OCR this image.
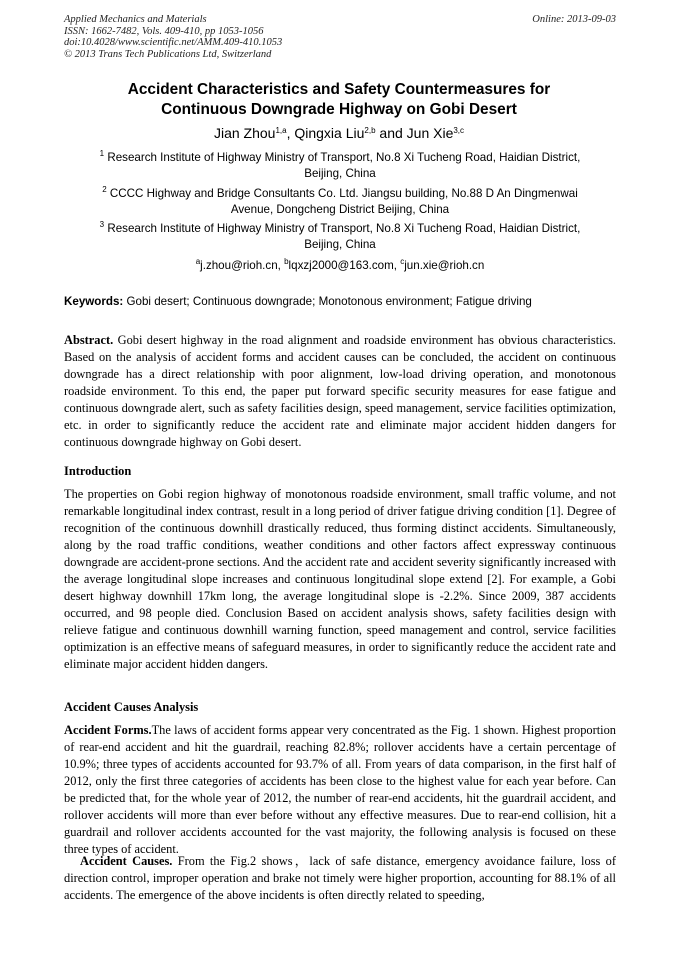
Applied Mechanics and Materials
ISSN: 1662-7482, Vols. 409-410, pp 1053-1056
doi:10.4028/www.scientific.net/AMM.409-410.1053
© 2013 Trans Tech Publications Ltd, Switzerland
Online: 2013-09-03
Accident Characteristics and Safety Countermeasures for
Continuous Downgrade Highway on Gobi Desert
Jian Zhou$^{1,a}$, Qingxia Liu$^{2,b}$ and Jun Xie$^{3,c}$
$^1$ Research Institute of Highway Ministry of Transport, No.8 Xi Tucheng Road, Haidian District,
Beijing, China
$^2$ CCCC Highway and Bridge Consultants Co. Ltd. Jiangsu building, No.88 D An Dingmenwai
Avenue, Dongcheng District Beijing, China
$^3$ Research Institute of Highway Ministry of Transport, No.8 Xi Tucheng Road, Haidian District,
Beijing, China
$^a$j.zhou@rioh.cn, $^b$lqxzj2000@163.com, $^c$jun.xie@rioh.cn
Keywords: Gobi desert; Continuous downgrade; Monotonous environment; Fatigue driving

Abstract. Gobi desert highway in the road alignment and roadside environment has obvious characteristics. Based on the analysis of accident forms and accident causes can be concluded, the accident on continuous downgrade has a direct relationship with poor alignment, low-load driving operation, and monotonous roadside environment. To this end, the paper put forward specific security measures for ease fatigue and continuous downgrade alert, such as safety facilities design, speed management, service facilities optimization, etc. in order to significantly reduce the accident rate and eliminate major accident hidden dangers for continuous downgrade highway on Gobi desert.

Introduction

The properties on Gobi region highway of monotonous roadside environment, small traffic volume, and not remarkable longitudinal index contrast, result in a long period of driver fatigue driving condition [1]. Degree of recognition of the continuous downhill drastically reduced, thus forming distinct accidents. Simultaneously, along by the road traffic conditions, weather conditions and other factors affect expressway continuous downgrade are accident-prone sections. And the accident rate and accident severity significantly increased with the average longitudinal slope increases and continuous longitudinal slope extend [2]. For example, a Gobi desert highway downhill 17km long, the average longitudinal slope is -2.2%. Since 2009, 387 accidents occurred, and 98 people died. Conclusion Based on accident analysis shows, safety facilities design with relieve fatigue and continuous downhill warning function, speed management and control, service facilities optimization is an effective means of safeguard measures, in order to significantly reduce the accident rate and eliminate major accident hidden dangers.

Accident Causes Analysis

Accident Forms.The laws of accident forms appear very concentrated as the Fig. 1 shown. Highest proportion of rear-end accident and hit the guardrail, reaching 82.8%; rollover accidents have a certain percentage of 10.9%; three types of accidents accounted for 93.7% of all. From years of data comparison, in the first half of 2012, only the first three categories of accidents has been close to the highest value for each year before. Can be predicted that, for the whole year of 2012, the number of rear-end accidents, hit the guardrail accident, and rollover accidents will more than ever before without any effective measures. Due to rear-end collision, hit a guardrail and rollover accidents accounted for the vast majority, the following analysis is focused on these three types of accident.

Accident Causes. From the Fig.2 shows，lack of safe distance, emergency avoidance failure, loss of direction control, improper operation and brake not timely were higher proportion, accounting for 88.1% of all accidents. The emergence of the above incidents is often directly related to speeding,
